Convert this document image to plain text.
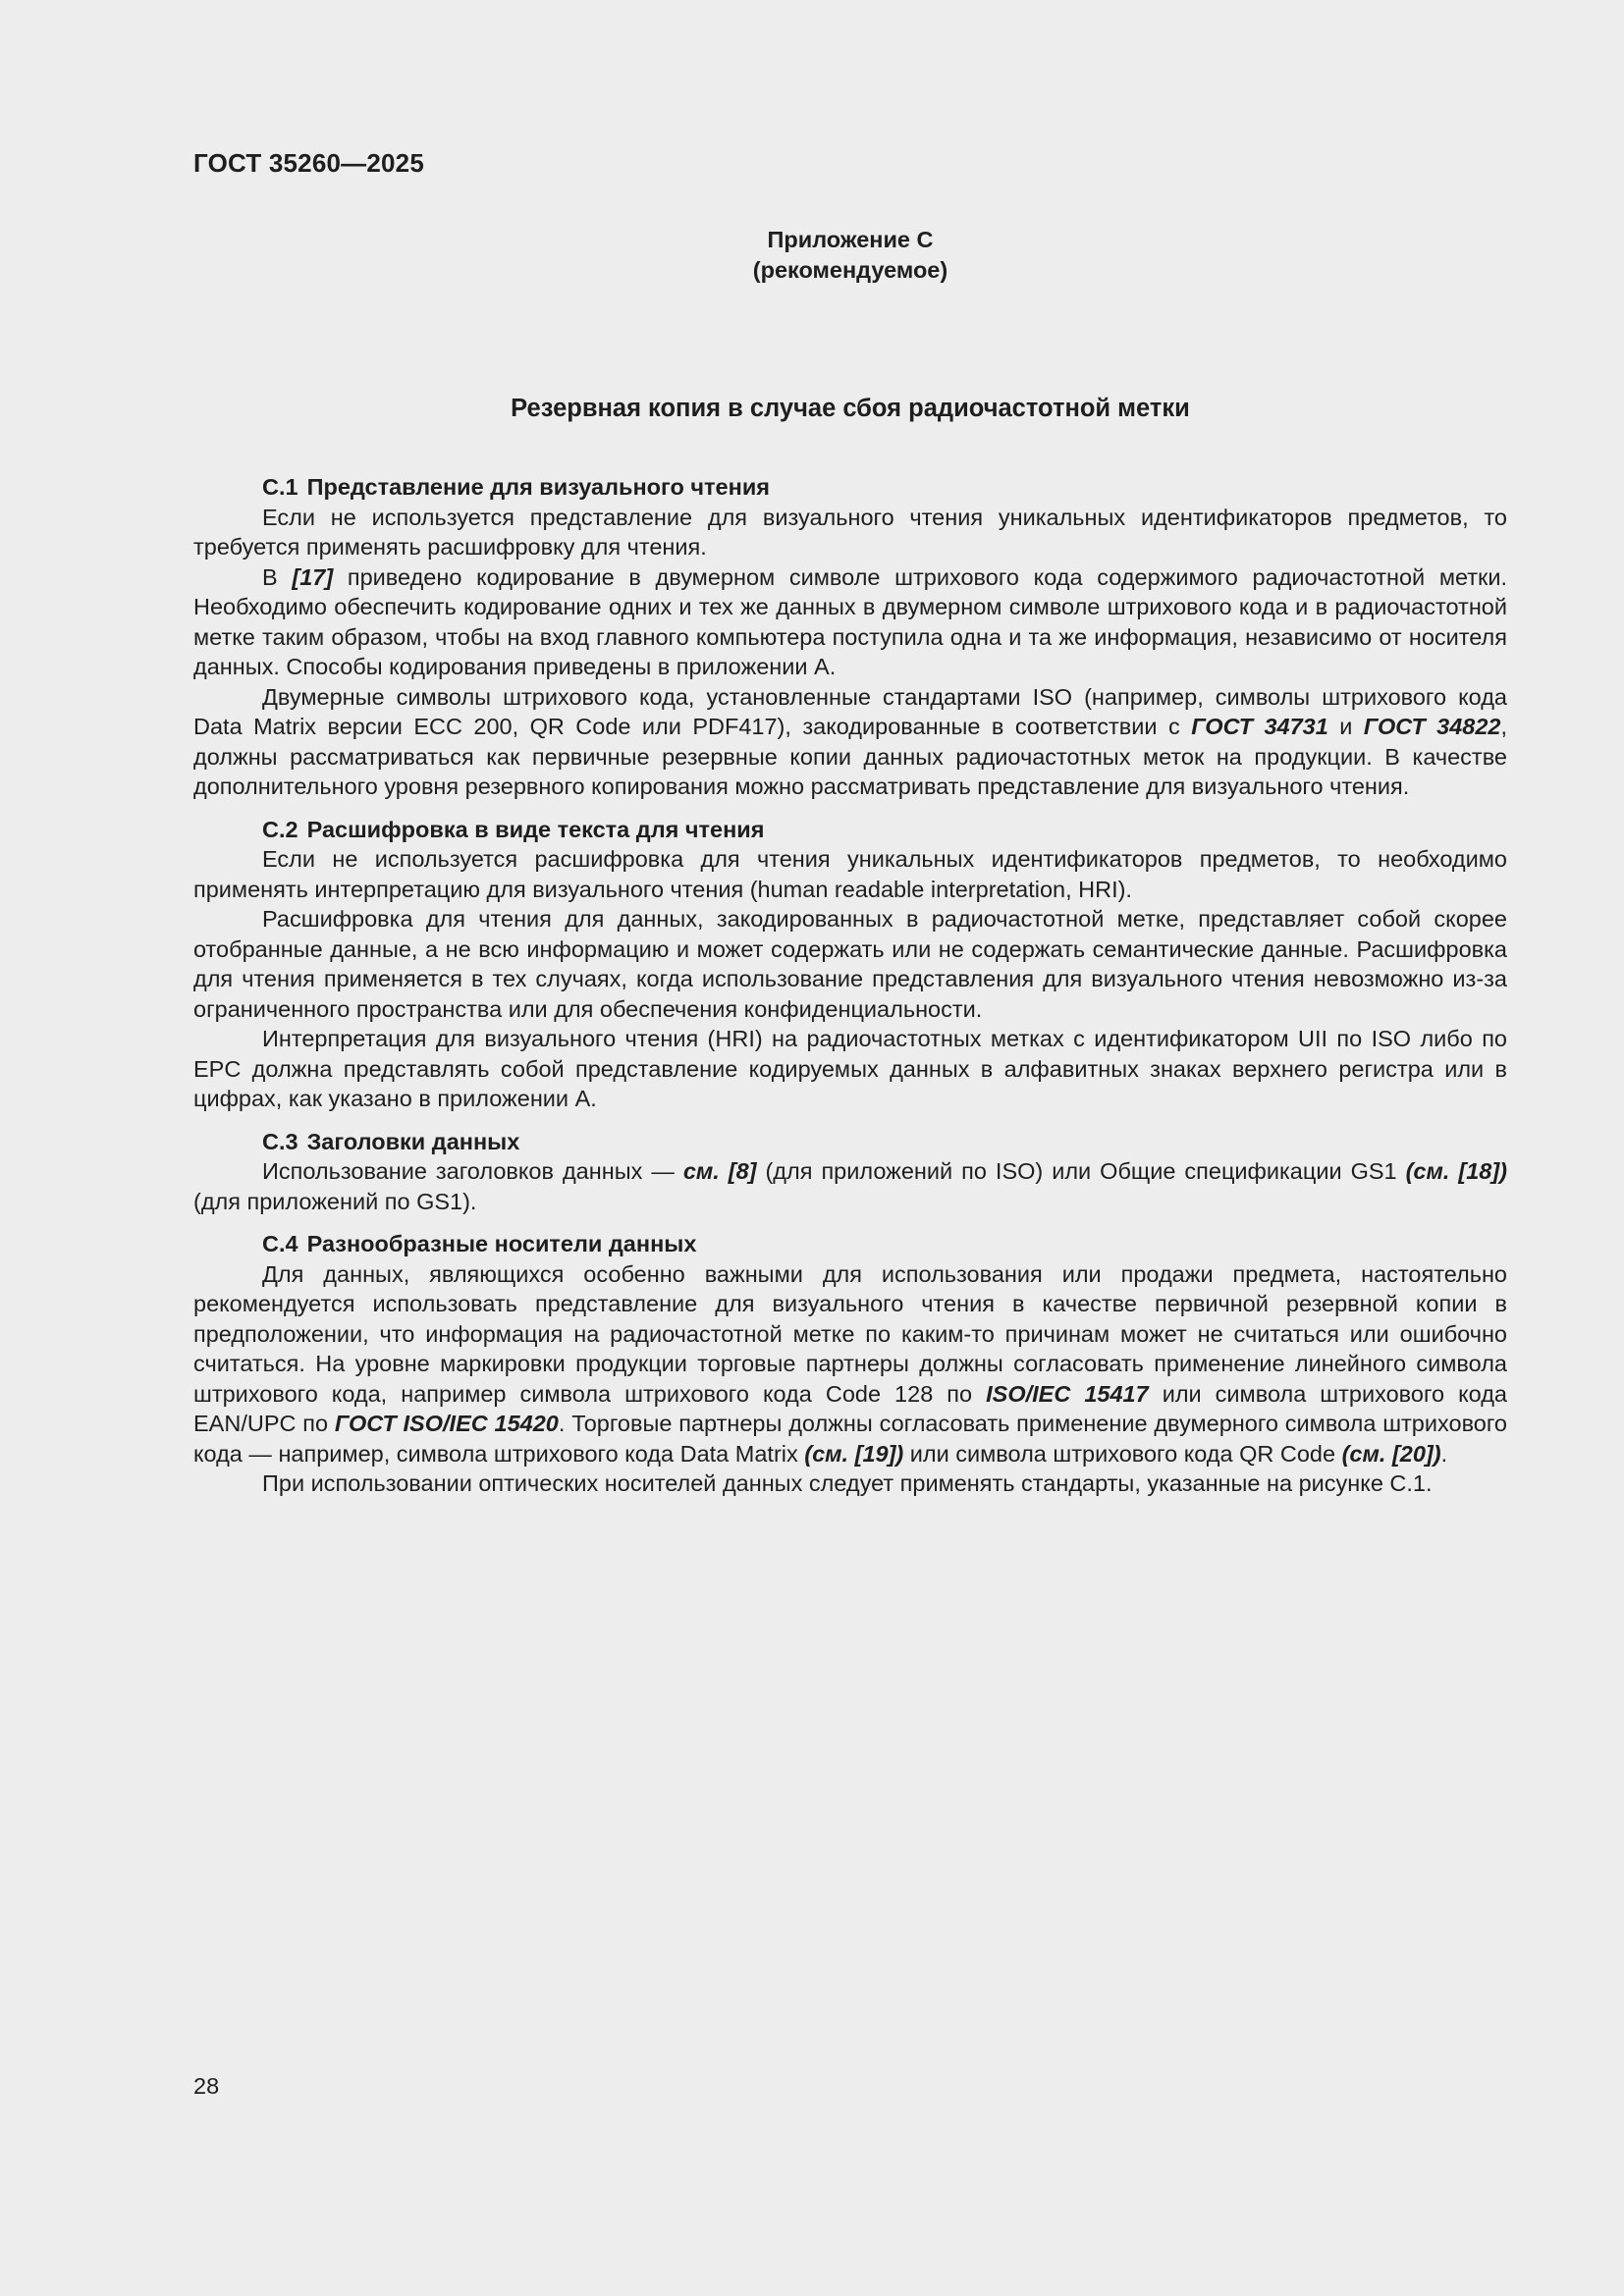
ГОСТ 35260—2025
Приложение С
(рекомендуемое)
Резервная копия в случае сбоя радиочастотной метки

С.1 Представление для визуального чтения

Если не используется представление для визуального чтения уникальных идентификаторов предметов, то требуется применять расшифровку для чтения.

В [17] приведено кодирование в двумерном символе штрихового кода содержимого радиочастотной метки. Необходимо обеспечить кодирование одних и тех же данных в двумерном символе штрихового кода и в радиочастотной метке таким образом, чтобы на вход главного компьютера поступила одна и та же информация, независимо от носителя данных. Способы кодирования приведены в приложении А.

Двумерные символы штрихового кода, установленные стандартами ISO (например, символы штрихового кода Data Matrix версии ЕСС 200, QR Code или PDF417), закодированные в соответствии с ГОСТ 34731 и ГОСТ 34822, должны рассматриваться как первичные резервные копии данных радиочастотных меток на продукции. В качестве дополнительного уровня резервного копирования можно рассматривать представление для визуального чтения.

С.2 Расшифровка в виде текста для чтения

Если не используется расшифровка для чтения уникальных идентификаторов предметов, то необходимо применять интерпретацию для визуального чтения (human readable interpretation, HRI).

Расшифровка для чтения для данных, закодированных в радиочастотной метке, представляет собой скорее отобранные данные, а не всю информацию и может содержать или не содержать семантические данные. Расшифровка для чтения применяется в тех случаях, когда использование представления для визуального чтения невозможно из-за ограниченного пространства или для обеспечения конфиденциальности.

Интерпретация для визуального чтения (HRI) на радиочастотных метках с идентификатором UII по ISO либо по EPC должна представлять собой представление кодируемых данных в алфавитных знаках верхнего регистра или в цифрах, как указано в приложении А.

С.3 Заголовки данных

Использование заголовков данных — см. [8] (для приложений по ISO) или Общие спецификации GS1 (см. [18]) (для приложений по GS1).

С.4 Разнообразные носители данных

Для данных, являющихся особенно важными для использования или продажи предмета, настоятельно рекомендуется использовать представление для визуального чтения в качестве первичной резервной копии в предположении, что информация на радиочастотной метке по каким-то причинам может не считаться или ошибочно считаться. На уровне маркировки продукции торговые партнеры должны согласовать применение линейного символа штрихового кода, например символа штрихового кода Code 128 по ISO/IEC 15417 или символа штрихового кода EAN/UPC по ГОСТ ISO/IEC 15420. Торговые партнеры должны согласовать применение двумерного символа штрихового кода — например, символа штрихового кода Data Matrix (см. [19]) или символа штрихового кода QR Code (см. [20]).

При использовании оптических носителей данных следует применять стандарты, указанные на рисунке С.1.

28
